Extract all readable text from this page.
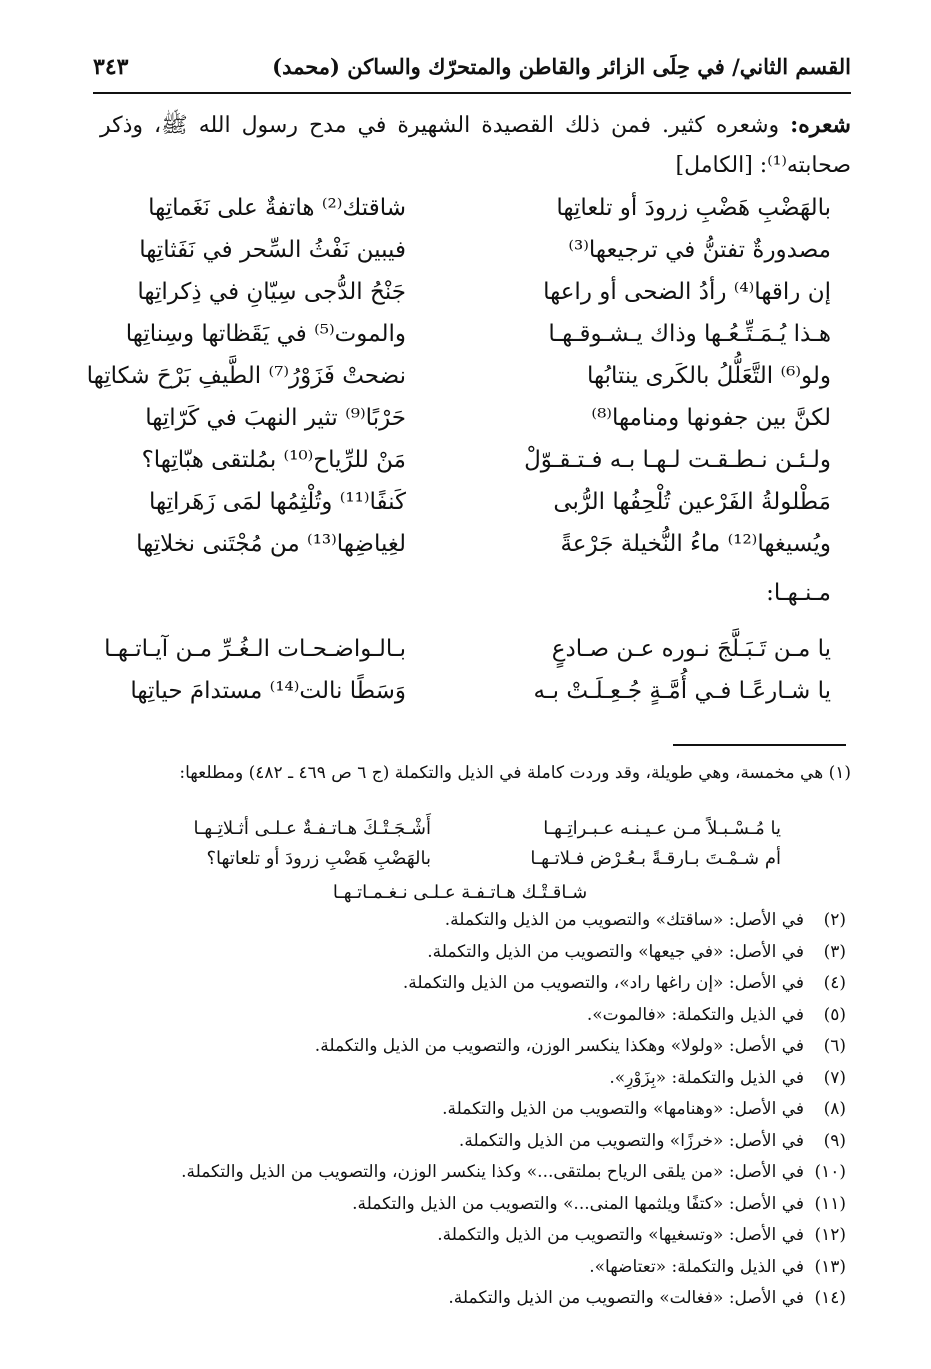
القسم الثاني/ في حِلَى الزائر والقاطن والمتحرّك والساكن (محمد)
٣٤٣
شعره: وشعره كثير. فمن ذلك القصيدة الشهيرة في مدح رسول الله ﷺ، وذكر صحابته⁽¹⁾: [الكامل]
بالهَضْبِ هَضْبِ زرودَ أو تلعاتِها
شاقتك⁽²⁾ هاتفةٌ على نَغَماتِها
مصدورةٌ تفتنُّ في ترجيعها⁽³⁾
فيبين نَفْثُ السِّحر في نَفَثاتِها
إن راقها⁽⁴⁾ رأدُ الضحى أو راعها
جَنْحُ الدُّجى سِيّانِ في ذِكراتِها
هـذا يُـمَـتِّـعُـها وذاك يـشـوقـهـا
والموت⁽⁵⁾ في يَقَظاتها وسِناتِها
ولو⁽⁶⁾ التَّعَلُّلُ بالكَرى ينتابُها
نضحتْ فَزَوْرُ⁽⁷⁾ الطَّيفِ بَرْحَ شكاتِها
لكنَّ بين جفونها ومنامها⁽⁸⁾
حَرْبًا⁽⁹⁾ تثير النهبَ في كَرّاتِها
ولـئـن نـطـقـت لـهـا بـه فـتـقـوّلْ
مَنْ للرِّياح⁽¹⁰⁾ بمُلتقى هبّاتِها؟
مَطْلولةُ الفَرْعين تُلْحِفُها الرُّبى
كَنفًا⁽¹¹⁾ وتُلْثِمُها لمَى زَهَراتِها
ويُسيغها⁽¹²⁾ ماءُ النُّخيلة جَرْعةً
لغِياضِها⁽¹³⁾ من مُجْتَنى نخلاتِها
مـنـهـا:
يا مـن تَـبَـلَّجَ نـوره عـن صـادعٍ
بـالـواضـحـات الـغُـرِّ مـن آيـاتـهـا
يا شـارعًـا فـي أُمَّـةٍ جُـعِـلَـتْ بـه
وَسَطًا نالت⁽¹⁴⁾ مستدامَ حياتِها
(١) هي مخمسة، وهي طويلة، وقد وردت كاملة في الذيل والتكملة (ج ٦ ص ٤٦٩ ـ ٤٨٢) ومطلعها:
يا مُـسْـبـلاً مـن عـيـنـه عـبـراتِـهـا
أَشْـجَـتْـكَ هـاتـفـةٌ عـلـى أثـلاتِـهـا
أم شـمْـتَ بـارقـةً بـعُـرْض فـلاتـهـا
بالهَضْبِ هَضْبِ زرودَ أو تلعاتها؟
شـاقـتْـك هـاتـفـة عـلـى نـغـمـاتـهـا
(٢)في الأصل: «ساقتك» والتصويب من الذيل والتكملة.
(٣)في الأصل: «في جيعها» والتصويب من الذيل والتكملة.
(٤)في الأصل: «إن راغها راد»، والتصويب من الذيل والتكملة.
(٥)في الذيل والتكملة: «فالموت».
(٦)في الأصل: «ولولا» وهكذا ينكسر الوزن، والتصويب من الذيل والتكملة.
(٧)في الذيل والتكملة: «بِزَوْرِ».
(٨)في الأصل: «وهنامها» والتصويب من الذيل والتكملة.
(٩)في الأصل: «خرزًا» والتصويب من الذيل والتكملة.
(١٠)في الأصل: «من يلقى الرياح بملتقى...» وكذا ينكسر الوزن، والتصويب من الذيل والتكملة.
(١١)في الأصل: «كتفًا ويلثمها المنى...» والتصويب من الذيل والتكملة.
(١٢)في الأصل: «وتسغيها» والتصويب من الذيل والتكملة.
(١٣)في الذيل والتكملة: «تعتاضها».
(١٤)في الأصل: «فغالت» والتصويب من الذيل والتكملة.
